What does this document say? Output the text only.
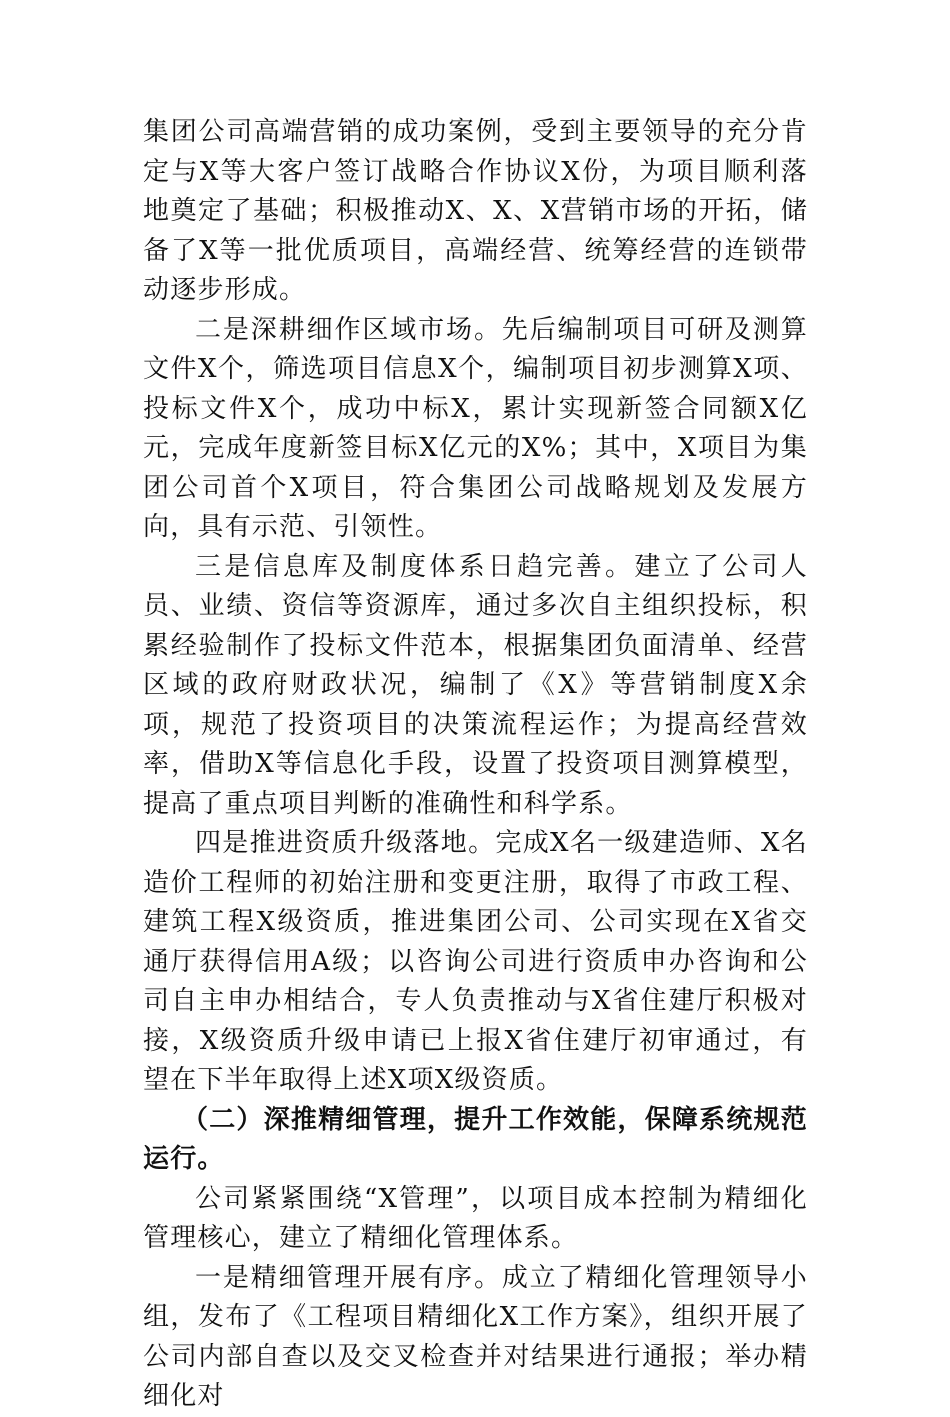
集团公司高端营销的成功案例，受到主要领导的充分肯定与X等大客户签订战略合作协议X份，为项目顺利落地奠定了基础；积极推动X、X、X营销市场的开拓，储备了X等一批优质项目，高端经营、统筹经营的连锁带动逐步形成。

二是深耕细作区域市场。先后编制项目可研及测算文件X个，筛选项目信息X个，编制项目初步测算X项、投标文件X个，成功中标X，累计实现新签合同额X亿元，完成年度新签目标X亿元的X%；其中，X项目为集团公司首个X项目，符合集团公司战略规划及发展方向，具有示范、引领性。

三是信息库及制度体系日趋完善。建立了公司人员、业绩、资信等资源库，通过多次自主组织投标，积累经验制作了投标文件范本，根据集团负面清单、经营区域的政府财政状况，编制了《X》等营销制度X余项，规范了投资项目的决策流程运作；为提高经营效率，借助X等信息化手段，设置了投资项目测算模型，提高了重点项目判断的准确性和科学系。

四是推进资质升级落地。完成X名一级建造师、X名造价工程师的初始注册和变更注册，取得了市政工程、建筑工程X级资质，推进集团公司、公司实现在X省交通厅获得信用A级；以咨询公司进行资质申办咨询和公司自主申办相结合，专人负责推动与X省住建厅积极对接，X级资质升级申请已上报X省住建厅初审通过，有望在下半年取得上述X项X级资质。

（二）深推精细管理，提升工作效能，保障系统规范运行。

公司紧紧围绕“X管理”，以项目成本控制为精细化管理核心，建立了精细化管理体系。

一是精细管理开展有序。成立了精细化管理领导小组，发布了《工程项目精细化X工作方案》，组织开展了公司内部自查以及交叉检查并对结果进行通报；举办精细化对
